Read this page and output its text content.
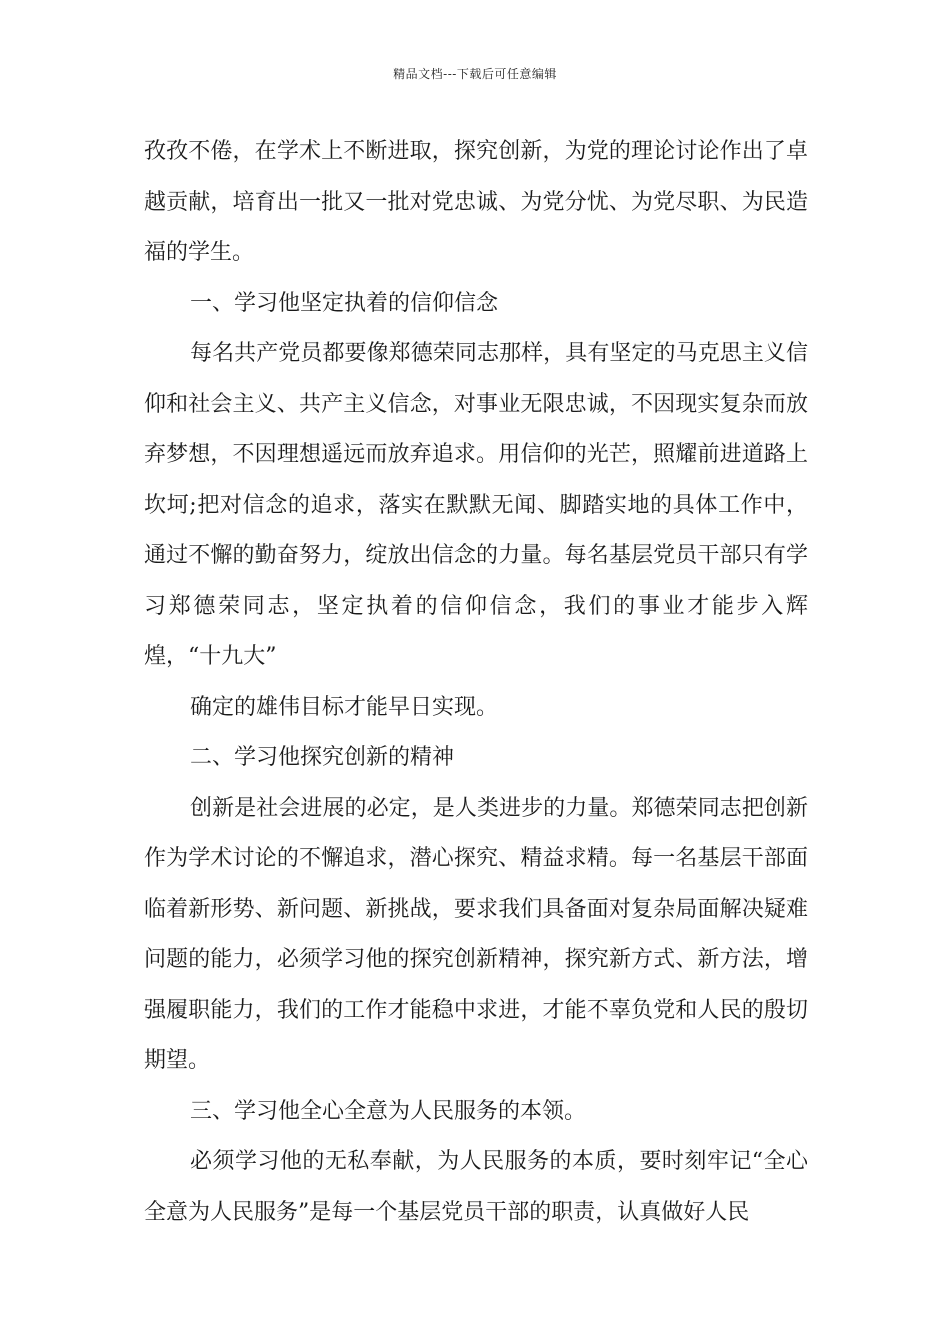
精品文档---下载后可任意编辑

孜孜不倦，在学术上不断进取，探究创新，为党的理论讨论作出了卓越贡献，培育出一批又一批对党忠诚、为党分忧、为党尽职、为民造福的学生。

一、学习他坚定执着的信仰信念

每名共产党员都要像郑德荣同志那样，具有坚定的马克思主义信仰和社会主义、共产主义信念，对事业无限忠诚，不因现实复杂而放弃梦想，不因理想遥远而放弃追求。用信仰的光芒，照耀前进道路上坎坷;把对信念的追求，落实在默默无闻、脚踏实地的具体工作中，通过不懈的勤奋努力，绽放出信念的力量。每名基层党员干部只有学习郑德荣同志，坚定执着的信仰信念，我们的事业才能步入辉煌，“十九大”

确定的雄伟目标才能早日实现。

二、学习他探究创新的精神

创新是社会进展的必定，是人类进步的力量。郑德荣同志把创新作为学术讨论的不懈追求，潜心探究、精益求精。每一名基层干部面临着新形势、新问题、新挑战，要求我们具备面对复杂局面解决疑难问题的能力，必须学习他的探究创新精神，探究新方式、新方法，增强履职能力，我们的工作才能稳中求进，才能不辜负党和人民的殷切期望。

三、学习他全心全意为人民服务的本领。

必须学习他的无私奉献，为人民服务的本质，要时刻牢记“全心全意为人民服务”是每一个基层党员干部的职责，认真做好人民
